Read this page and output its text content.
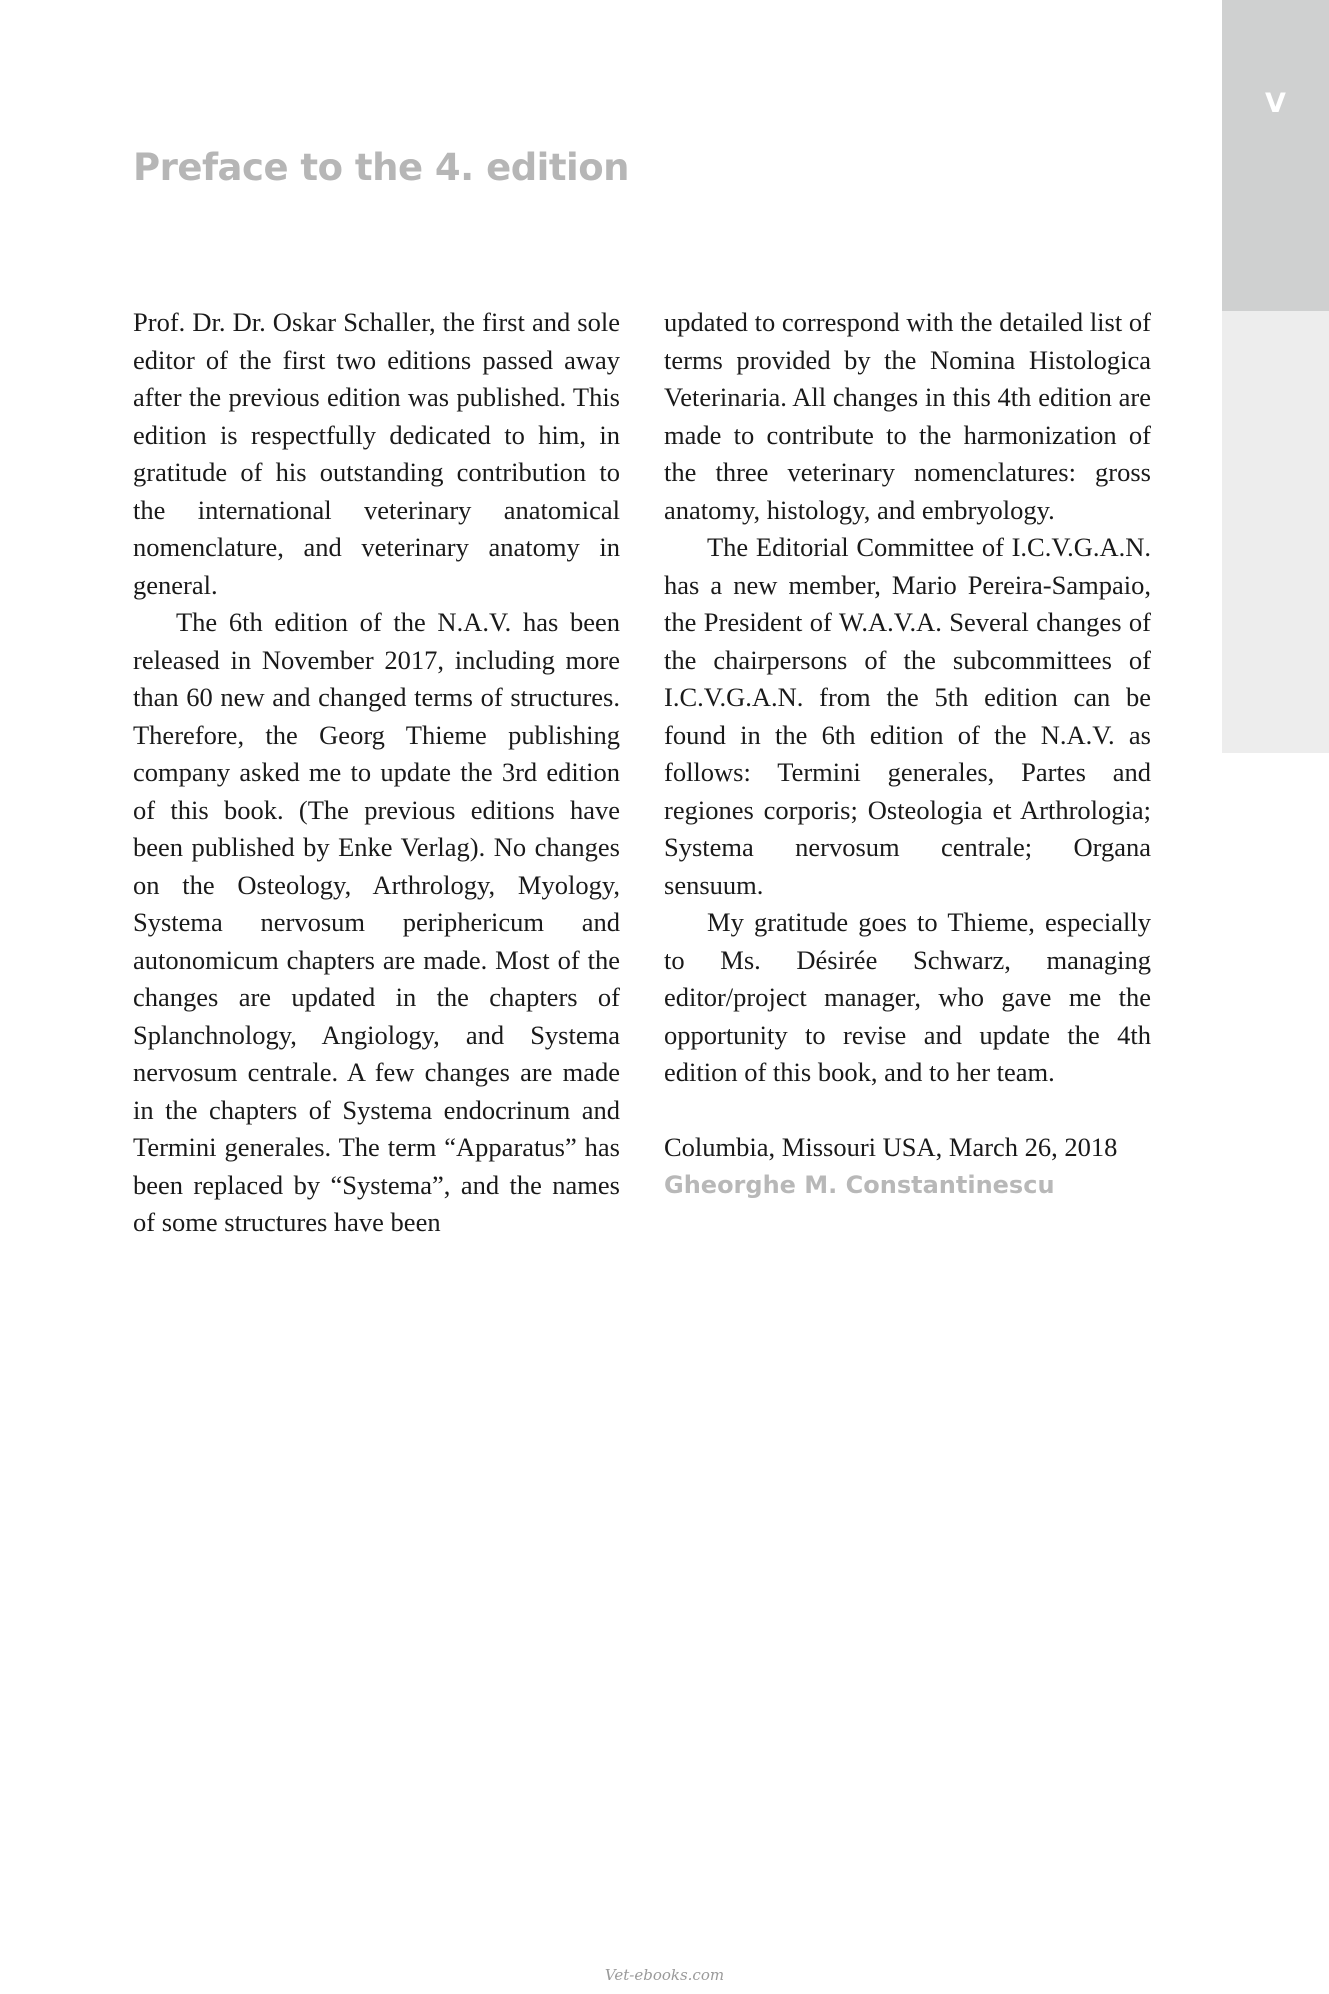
V
Preface to the 4. edition

Prof. Dr. Dr. Oskar Schaller, the first and sole editor of the first two editions passed away after the previous edition was published. This edition is respectfully dedicated to him, in gratitude of his outstanding contribution to the international veterinary anatomical nomenclature, and veterinary anatomy in general.

The 6th edition of the N.A.V. has been released in November 2017, including more than 60 new and changed terms of structures. Therefore, the Georg Thieme publishing company asked me to update the 3rd edition of this book. (The previous editions have been published by Enke Verlag). No changes on the Osteology, Arthrology, Myology, Systema nervosum periphericum and autonomicum chapters are made. Most of the changes are updated in the chapters of Splanchnology, Angiology, and Systema nervosum centrale. A few changes are made in the chapters of Systema endocrinum and Termini generales. The term “Apparatus” has been replaced by “Systema”, and the names of some structures have been

updated to correspond with the detailed list of terms provided by the Nomina Histologica Veterinaria. All changes in this 4th edition are made to contribute to the harmonization of the three veterinary nomenclatures: gross anatomy, histology, and embryology.

The Editorial Committee of I.C.V.G.A.N. has a new member, Mario Pereira-Sampaio, the President of W.A.V.A. Several changes of the chairpersons of the subcommittees of I.C.V.G.A.N. from the 5th edition can be found in the 6th edition of the N.A.V. as follows: Termini generales, Partes and regiones corporis; Osteologia et Arthrologia; Systema nervosum centrale; Organa sensuum.

My gratitude goes to Thieme, especially to Ms. Désirée Schwarz, managing editor/project manager, who gave me the opportunity to revise and update the 4th edition of this book, and to her team.

Columbia, Missouri USA, March 26, 2018

Gheorghe M. Constantinescu

Vet-ebooks.com
